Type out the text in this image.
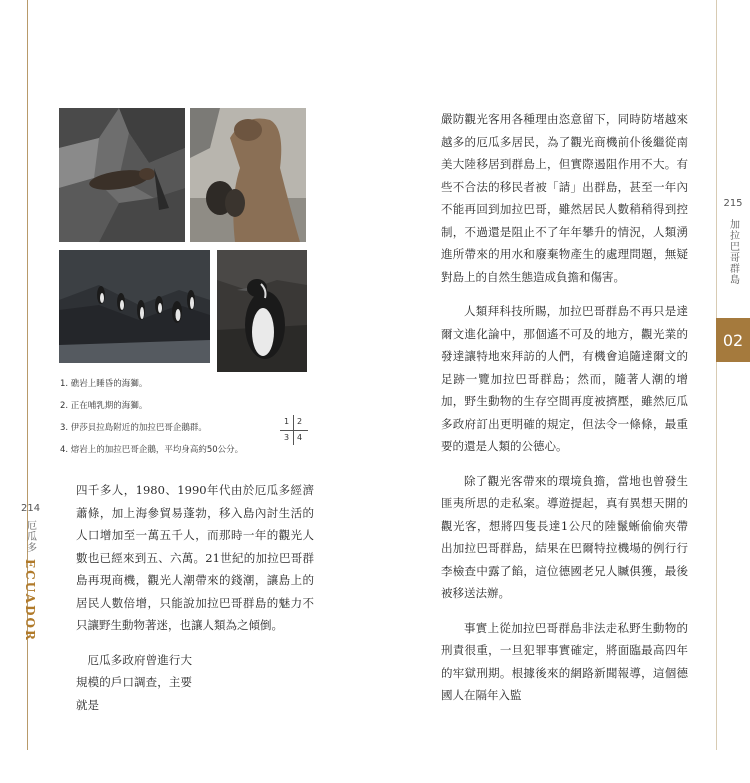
214
厄瓜多
ECUADOR
1. 礁岩上睡昏的海獅。
2. 正在哺乳期的海獅。
3. 伊莎貝拉島附近的加拉巴哥企鵝群。
4. 熔岩上的加拉巴哥企鵝，平均身高約50公分。
1 2
3 4

四千多人，1980、1990年代由於厄瓜多經濟蕭條，加上海參貿易蓬勃，移入島內討生活的人口增加至一萬五千人，而那時一年的觀光人數也已經來到五、六萬。21世紀的加拉巴哥群島再現商機，觀光人潮帶來的錢潮，讓島上的居民人數倍增，只能說加拉巴哥群島的魅力不只讓野生動物著迷，也讓人類為之傾倒。

厄瓜多政府曾進行大規模的戶口調查，主要就是

嚴防觀光客用各種理由恣意留下，同時防堵越來越多的厄瓜多居民，為了觀光商機前仆後繼從南美大陸移居到群島上，但實際遏阻作用不大。有些不合法的移民者被「請」出群島，甚至一年內不能再回到加拉巴哥，雖然居民人數稍稍得到控制，不過還是阻止不了年年攀升的情況，人類湧進所帶來的用水和廢棄物產生的處理問題，無疑對島上的自然生態造成負擔和傷害。

人類拜科技所賜，加拉巴哥群島不再只是達爾文進化論中，那個遙不可及的地方，觀光業的發達讓特地來拜訪的人們，有機會追隨達爾文的足跡一覽加拉巴哥群島；然而，隨著人潮的增加，野生動物的生存空間再度被擠壓，雖然厄瓜多政府訂出更明確的規定，但法令一條條，最重要的還是人類的公德心。

除了觀光客帶來的環境負擔，當地也曾發生匪夷所思的走私案。導遊提起，真有異想天開的觀光客，想將四隻長達1公尺的陸鬣蜥偷偷夾帶出加拉巴哥群島，結果在巴爾特拉機場的例行行李檢查中露了餡，這位德國老兄人贓俱獲，最後被移送法辦。

事實上從加拉巴哥群島非法走私野生動物的刑責很重，一旦犯罪事實確定，將面臨最高四年的牢獄刑期。根據後來的網路新聞報導，這個德國人在隔年入監

215
加拉巴哥群島
02
